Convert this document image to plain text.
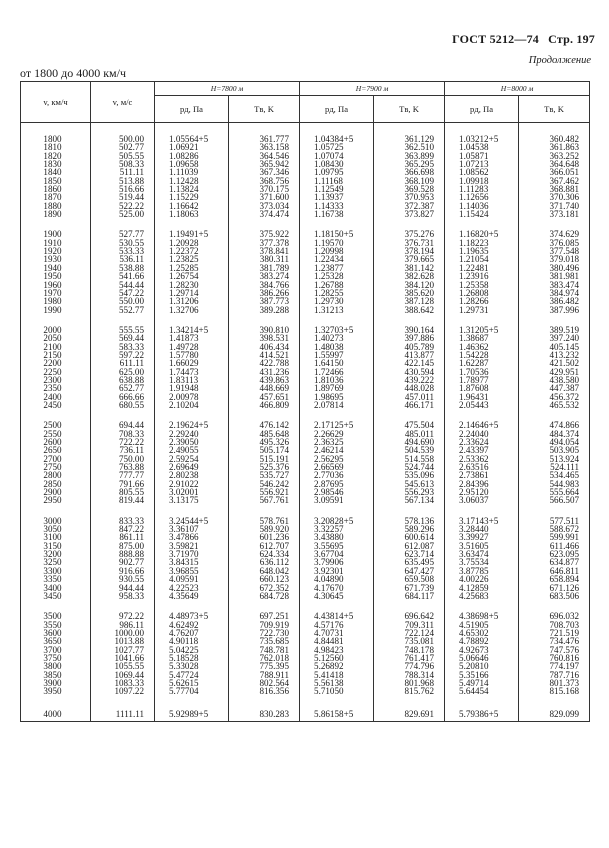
ГОСТ 5212—74 Стр. 197
Продолжение
от 1800 до 4000 км/ч
v, км/ч	v, м/с	H=7800 м		H=7900 м		H=8000 м	
		pд, Па	Tв, K	pд, Па	Tв, K	pд, Па	Tв, K

1800	500.00	1.05564+5	361.777	1.04384+5	361.129	1.03212+5	360.482
1810	502.77	1.06921	363.158	1.05725	362.510	1.04538	361.863
1820	505.55	1.08286	364.546	1.07074	363.899	1.05871	363.252
1830	508.33	1.09658	365.942	1.08430	365.295	1.07213	364.648
1840	511.11	1.11039	367.346	1.09795	366.698	1.08562	366.051
1850	513.88	1.12428	368.756	1.11168	368.109	1.09918	367.462
1860	516.66	1.13824	370.175	1.12549	369.528	1.11283	368.881
1870	519.44	1.15229	371.600	1.13937	370.953	1.12656	370.306
1880	522.22	1.16642	373.034	1.14333	372.387	1.14036	371.740
1890	525.00	1.18063	374.474	1.16738	373.827	1.15424	373.181

1900	527.77	1.19491+5	375.922	1.18150+5	375.276	1.16820+5	374.629
1910	530.55	1.20928	377.378	1.19570	376.731	1.18223	376.085
1920	533.33	1.22372	378.841	1.20998	378.194	1.19635	377.548
1930	536.11	1.23825	380.311	1.22434	379.665	1.21054	379.018
1940	538.88	1.25285	381.789	1.23877	381.142	1.22481	380.496
1950	541.66	1.26754	383.274	1.25328	382.628	1.23916	381.981
1960	544.44	1.28230	384.766	1.26788	384.120	1.25358	383.474
1970	547.22	1.29714	386.266	1.28255	385.620	1.26808	384.974
1980	550.00	1.31206	387.773	1.29730	387.128	1.28266	386.482
1990	552.77	1.32706	389.288	1.31213	388.642	1.29731	387.996

2000	555.55	1.34214+5	390.810	1.32703+5	390.164	1.31205+5	389.519
2050	569.44	1.41873	398.531	1.40273	397.886	1.38687	397.240
2100	583.33	1.49728	406.434	1.48038	405.789	1.46362	405.145
2150	597.22	1.57780	414.521	1.55997	413.877	1.54228	413.232
2200	611.11	1.66029	422.788	1.64150	422.145	1.62287	421.502
2250	625.00	1.74473	431.236	1.72466	430.594	1.70536	429.951
2300	638.88	1.83113	439.863	1.81036	439.222	1.78977	438.580
2350	652.77	1.91948	448.669	1.89769	448.028	1.87608	447.387
2400	666.66	2.00978	457.651	1.98695	457.011	1.96431	456.372
2450	680.55	2.10204	466.809	2.07814	466.171	2.05443	465.532

2500	694.44	2.19624+5	476.142	2.17125+5	475.504	2.14646+5	474.866
2550	708.33	2.29240	485.648	2.26629	485.011	2.24040	484.374
2600	722.22	2.39050	495.326	2.36325	494.690	2.33624	494.054
2650	736.11	2.49055	505.174	2.46214	504.539	2.43397	503.905
2700	750.00	2.59254	515.191	2.56295	514.558	2.53362	513.924
2750	763.88	2.69649	525.376	2.66569	524.744	2.63516	524.111
2800	777.77	2.80238	535.727	2.77036	535.096	2.73861	534.465
2850	791.66	2.91022	546.242	2.87695	545.613	2.84396	544.983
2900	805.55	3.02001	556.921	2.98546	556.293	2.95120	555.664
2950	819.44	3.13175	567.761	3.09591	567.134	3.06037	566.507

3000	833.33	3.24544+5	578.761	3.20828+5	578.136	3.17143+5	577.511
3050	847.22	3.36107	589.920	3.32257	589.296	3.28440	588.672
3100	861.11	3.47866	601.236	3.43880	600.614	3.39927	599.991
3150	875.00	3.59821	612.707	3.55695	612.087	3.51605	611.466
3200	888.88	3.71970	624.334	3.67704	623.714	3.63474	623.095
3250	902.77	3.84315	636.112	3.79906	635.495	3.75534	634.877
3300	916.66	3.96855	648.042	3.92301	647.427	3.87785	646.811
3350	930.55	4.09591	660.123	4.04890	659.508	4.00226	658.894
3400	944.44	4.22523	672.352	4.17670	671.739	4.12859	671.126
3450	958.33	4.35649	684.728	4.30645	684.117	4.25683	683.506

3500	972.22	4.48973+5	697.251	4.43814+5	696.642	4.38698+5	696.032
3550	986.11	4.62492	709.919	4.57176	709.311	4.51905	708.703
3600	1000.00	4.76207	722.730	4.70731	722.124	4.65302	721.519
3650	1013.88	4.90118	735.685	4.84481	735.081	4.78892	734.476
3700	1027.77	5.04225	748.781	4.98423	748.178	4.92673	747.576
3750	1041.66	5.18528	762.018	5.12560	761.417	5.06646	760.816
3800	1055.55	5.33028	775.395	5.26892	774.796	5.20810	774.197
3850	1069.44	5.47724	788.911	5.41418	788.314	5.35166	787.716
3900	1083.33	5.62615	802.564	5.56138	801.968	5.49714	801.373
3950	1097.22	5.77704	816.356	5.71050	815.762	5.64454	815.168

4000	1111.11	5.92989+5	830.283	5.86158+5	829.691	5.79386+5	829.099
